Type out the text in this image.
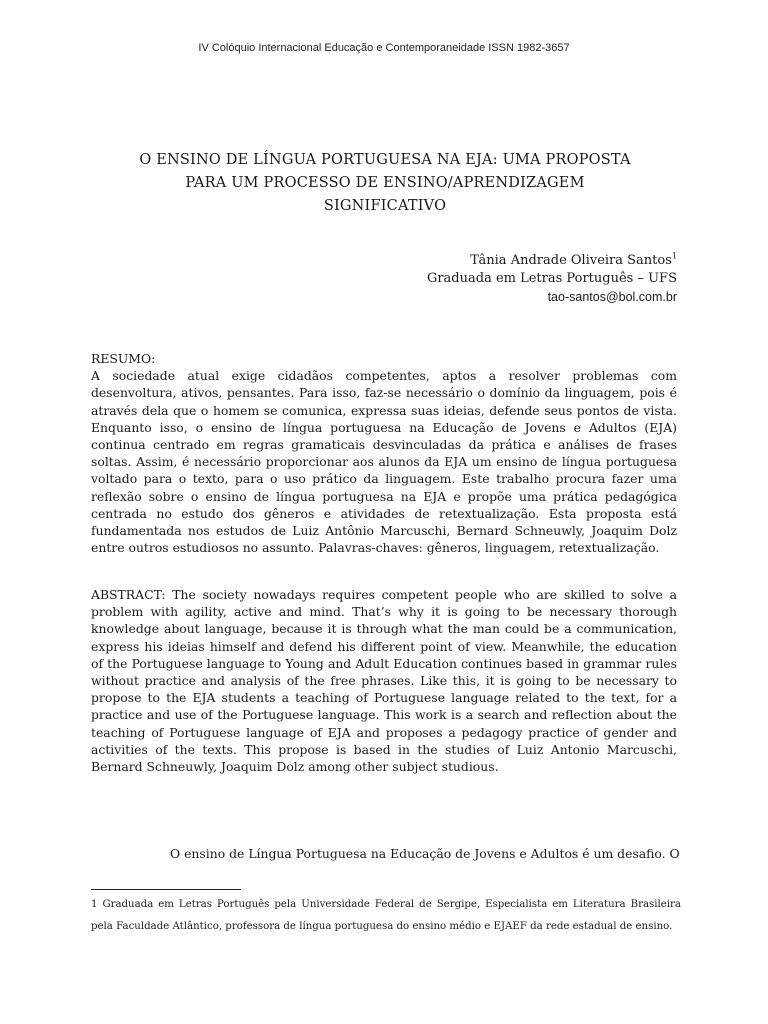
IV Colóquio Internacional Educação e Contemporaneidade ISSN 1982-3657
O ENSINO DE LÍNGUA PORTUGUESA NA EJA: UMA PROPOSTA
PARA UM PROCESSO DE ENSINO/APRENDIZAGEM
SIGNIFICATIVO
Tânia Andrade Oliveira Santos$^1$
Graduada em Letras Português – UFS
tao-santos@bol.com.br
RESUMO:
A sociedade atual exige cidadãos competentes, aptos a resolver problemas com desenvoltura, ativos, pensantes. Para isso, faz-se necessário o domínio da linguagem, pois é através dela que o homem se comunica, expressa suas ideias, defende seus pontos de vista. Enquanto isso, o ensino de língua portuguesa na Educação de Jovens e Adultos (EJA) continua centrado em regras gramaticais desvinculadas da prática e análises de frases soltas. Assim, é necessário proporcionar aos alunos da EJA um ensino de língua portuguesa voltado para o texto, para o uso prático da linguagem. Este trabalho procura fazer uma reflexão sobre o ensino de língua portuguesa na EJA e propõe uma prática pedagógica centrada no estudo dos gêneros e atividades de retextualização. Esta proposta está fundamentada nos estudos de Luiz Antônio Marcuschi, Bernard Schneuwly, Joaquim Dolz entre outros estudiosos no assunto. Palavras-chaves: gêneros, linguagem, retextualização.
ABSTRACT: The society nowadays requires competent people who are skilled to solve a problem with agility, active and mind. That’s why it is going to be necessary thorough knowledge about language, because it is through what the man could be a communication, express his ideias himself and defend his different point of view. Meanwhile, the education of the Portuguese language to Young and Adult Education continues based in grammar rules without practice and analysis of the free phrases. Like this, it is going to be necessary to propose to the EJA students a teaching of Portuguese language related to the text, for a practice and use of the Portuguese language. This work is a search and reflection about the teaching of Portuguese language of EJA and proposes a pedagogy practice of gender and activities of the texts. This propose is based in the studies of Luiz Antonio Marcuschi, Bernard Schneuwly, Joaquim Dolz among other subject studious.
O ensino de Língua Portuguesa na Educação de Jovens e Adultos é um desafio. O
1 Graduada em Letras Português pela Universidade Federal de Sergipe, Especialista em Literatura Brasileira pela Faculdade Atlântico, professora de língua portuguesa do ensino médio e EJAEF da rede estadual de ensino.
